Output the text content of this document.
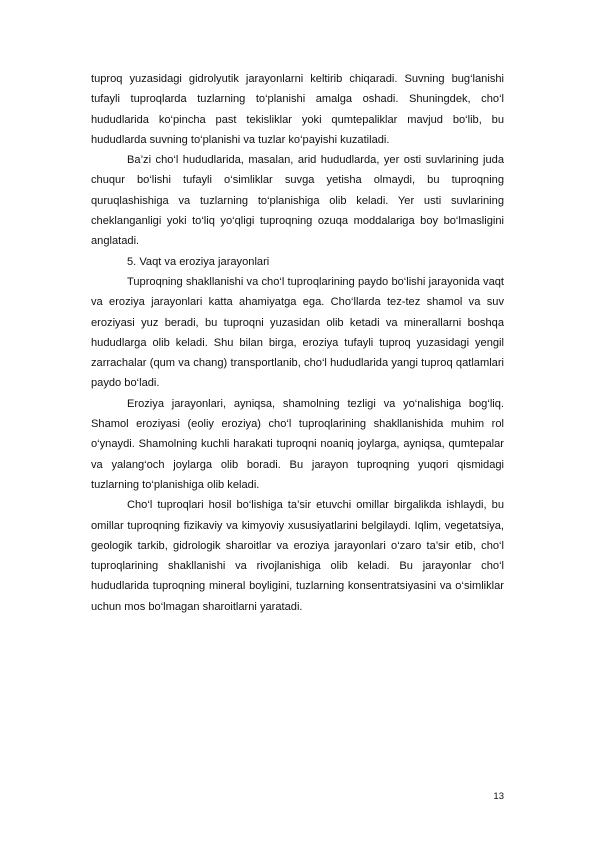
tuproq yuzasidagi gidrolyutik jarayonlarni keltirib chiqaradi. Suvning bug‘lanishi tufayli tuproqlarda tuzlarning to‘planishi amalga oshadi. Shuningdek, cho‘l hududlarida ko‘pincha past tekisliklar yoki qumtepaliklar mavjud bo‘lib, bu hududlarda suvning to‘planishi va tuzlar ko‘payishi kuzatiladi.

Ba’zi cho‘l hududlarida, masalan, arid hududlarda, yer osti suvlarining juda chuqur bo‘lishi tufayli o‘simliklar suvga yetisha olmaydi, bu tuproqning quruqlashishiga va tuzlarning to‘planishiga olib keladi. Yer usti suvlarining cheklanganligi yoki to‘liq yo‘qligi tuproqning ozuqa moddalariga boy bo‘lmasligini anglatadi.

5. Vaqt va eroziya jarayonlari

Tuproqning shakllanishi va cho‘l tuproqlarining paydo bo‘lishi jarayonida vaqt va eroziya jarayonlari katta ahamiyatga ega. Cho‘llarda tez-tez shamol va suv eroziyasi yuz beradi, bu tuproqni yuzasidan olib ketadi va minerallarni boshqa hududlarga olib keladi. Shu bilan birga, eroziya tufayli tuproq yuzasidagi yengil zarrachalar (qum va chang) transportlanib, cho‘l hududlarida yangi tuproq qatlamlari paydo bo‘ladi.

Eroziya jarayonlari, ayniqsa, shamolning tezligi va yo‘nalishiga bog‘liq. Shamol eroziyasi (eoliy eroziya) cho‘l tuproqlarining shakllanishida muhim rol o‘ynaydi. Shamolning kuchli harakati tuproqni noaniq joylarga, ayniqsa, qumtepalar va yalang‘och joylarga olib boradi. Bu jarayon tuproqning yuqori qismidagi tuzlarning to‘planishiga olib keladi.

Cho‘l tuproqlari hosil bo‘lishiga ta’sir etuvchi omillar birgalikda ishlaydi, bu omillar tuproqning fizikaviy va kimyoviy xususiyatlarini belgilaydi. Iqlim, vegetatsiya, geologik tarkib, gidrologik sharoitlar va eroziya jarayonlari o‘zaro ta’sir etib, cho‘l tuproqlarining shakllanishi va rivojlanishiga olib keladi. Bu jarayonlar cho‘l hududlarida tuproqning mineral boyligini, tuzlarning konsentratsiyasini va o‘simliklar uchun mos bo‘lmagan sharoitlarni yaratadi.

13
